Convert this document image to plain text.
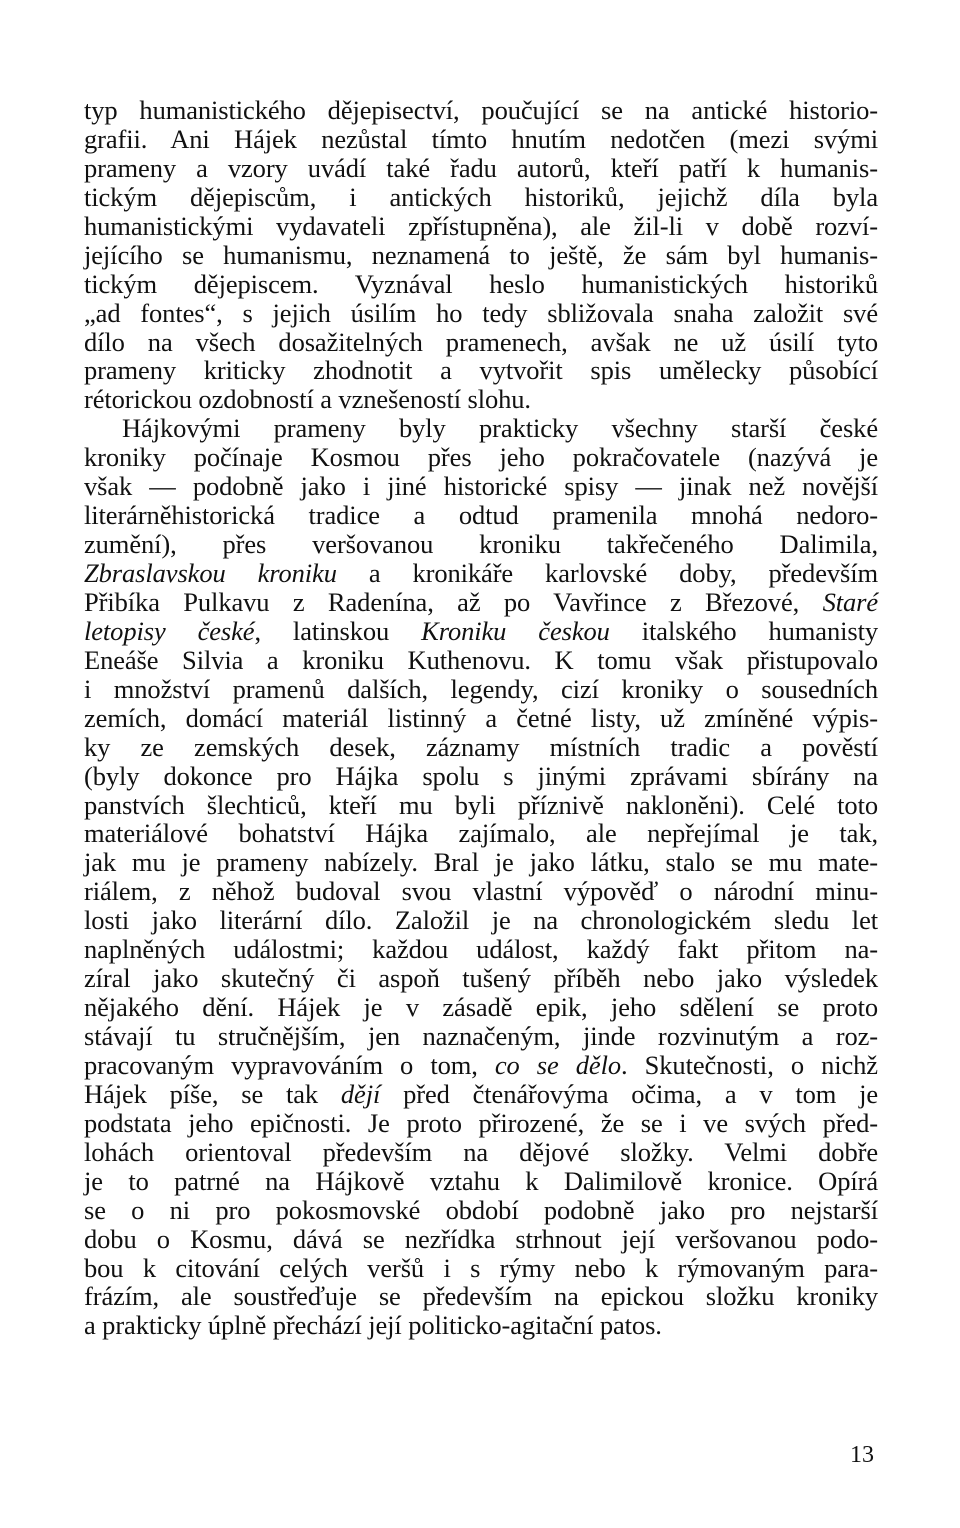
typ humanistického dějepisectví, poučující se na antické historio-
grafii. Ani Hájek nezůstal tímto hnutím nedotčen (mezi svými
prameny a vzory uvádí také řadu autorů, kteří patří k humanis-
tickým dějepiscům, i antických historiků, jejichž díla byla
humanistickými vydavateli zpřístupněna), ale žil-li v době rozví-
jejícího se humanismu, neznamená to ještě, že sám byl humanis-
tickým dějepiscem. Vyznával heslo humanistických historiků
„ad fontes“, s jejich úsilím ho tedy sbližovala snaha založit své
dílo na všech dosažitelných pramenech, avšak ne už úsilí tyto
prameny kriticky zhodnotit a vytvořit spis umělecky působící
rétorickou ozdobností a vznešeností slohu.
Hájkovými prameny byly prakticky všechny starší české
kroniky počínaje Kosmou přes jeho pokračovatele (nazývá je
však — podobně jako i jiné historické spisy — jinak než novější
literárněhistorická tradice a odtud pramenila mnohá nedoro-
zumění), přes veršovanou kroniku takřečeného Dalimila,
Zbraslavskou kroniku a kronikáře karlovské doby, především
Přibíka Pulkavu z Radenína, až po Vavřince z Březové, Staré
letopisy české, latinskou Kroniku českou italského humanisty
Eneáše Silvia a kroniku Kuthenovu. K tomu však přistupovalo
i množství pramenů dalších, legendy, cizí kroniky o sousedních
zemích, domácí materiál listinný a četné listy, už zmíněné výpis-
ky ze zemských desek, záznamy místních tradic a pověstí
(byly dokonce pro Hájka spolu s jinými zprávami sbírány na
panstvích šlechticů, kteří mu byli příznivě nakloněni). Celé toto
materiálové bohatství Hájka zajímalo, ale nepřejímal je tak,
jak mu je prameny nabízely. Bral je jako látku, stalo se mu mate-
riálem, z něhož budoval svou vlastní výpověď o národní minu-
losti jako literární dílo. Založil je na chronologickém sledu let
naplněných událostmi; každou událost, každý fakt přitom na-
zíral jako skutečný či aspoň tušený příběh nebo jako výsledek
nějakého dění. Hájek je v zásadě epik, jeho sdělení se proto
stávají tu stručnějším, jen naznačeným, jinde rozvinutým a roz-
pracovaným vypravováním o tom, co se dělo. Skutečnosti, o nichž
Hájek píše, se tak dějí před čtenářovýma očima, a v tom je
podstata jeho epičnosti. Je proto přirozené, že se i ve svých před-
lohách orientoval především na dějové složky. Velmi dobře
je to patrné na Hájkově vztahu k Dalimilově kronice. Opírá
se o ni pro pokosmovské období podobně jako pro nejstarší
dobu o Kosmu, dává se nezřídka strhnout její veršovanou podo-
bou k citování celých veršů i s rýmy nebo k rýmovaným para-
frázím, ale soustřeďuje se především na epickou složku kroniky
a prakticky úplně přechází její politicko-agitační patos.
13
